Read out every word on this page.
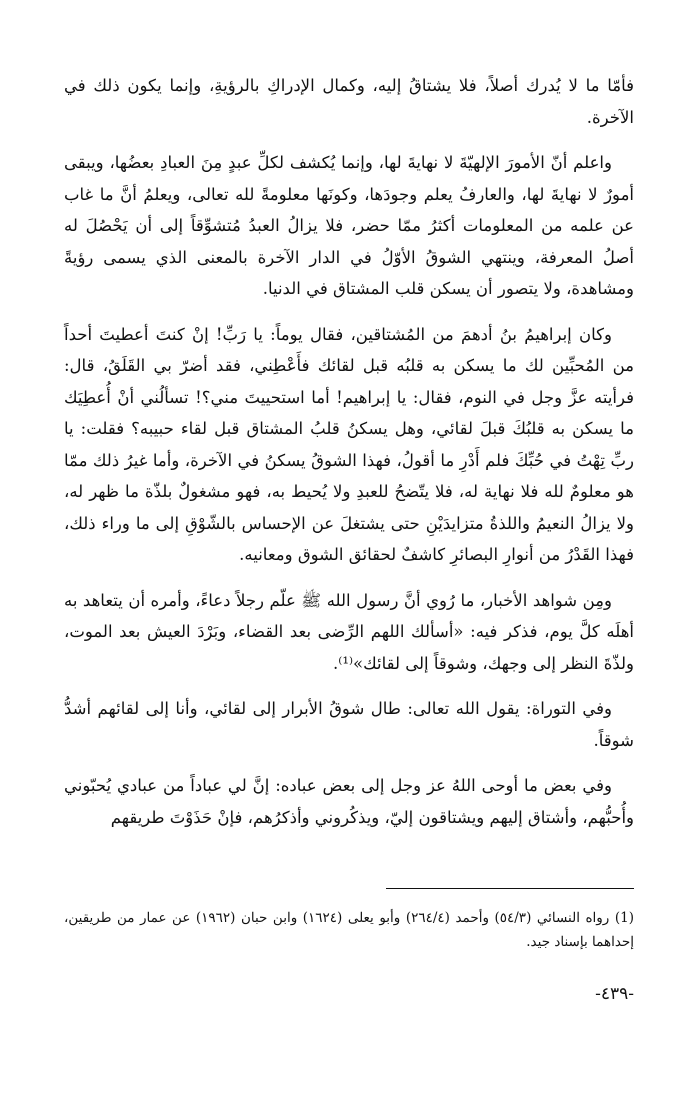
فأمّا ما لا يُدرك أصلاً، فلا يشتاقُ إليه، وكمال الإدراكِ بالرؤيةِ، وإنما يكون ذلك في الآخرة.

واعلم أنّ الأمورَ الإلهيّةَ لا نهايةَ لها، وإنما يُكشف لكلِّ عبدٍ مِنَ العبادِ بعضُها، ويبقى أمورٌ لا نهايةَ لها، والعارفُ يعلم وجودَها، وكونَها معلومةً لله تعالى، ويعلمُ أنَّ ما غاب عن علمه من المعلومات أكثرُ ممّا حضر، فلا يزالُ العبدُ مُتشوِّقاً إلى أن يَحْصُلَ له أصلُ المعرفة، وينتهي الشوقُ الأوّلُ في الدار الآخرة بالمعنى الذي يسمى رؤيةً ومشاهدة، ولا يتصور أن يسكن قلب المشتاق في الدنيا.

وكان إبراهيمُ بنُ أدهمَ من المُشتاقين، فقال يوماً: يا رَبِّ! إنْ كنتَ أعطيتَ أحداً من المُحبِّين لك ما يسكن به قلبُه قبل لقائك فأَعْطِني، فقد أضرّ بي القَلَقُ، قال: فرأيته عزَّ وجل في النوم، فقال: يا إبراهيم! أما استحييتَ مني؟! تسألُني أنْ أُعطِيَك ما يسكن به قلبُكَ قبلَ لقائي، وهل يسكنُ قلبُ المشتاق قبل لقاء حبيبه؟ فقلت: يا ربِّ تِهْتُ في حُبِّكَ فلم أَدْرِ ما أقولُ، فهذا الشوقُ يسكنُ في الآخرة، وأما غيرُ ذلك ممّا هو معلومٌ لله فلا نهاية له، فلا يتّضحُ للعبدِ ولا يُحيط به، فهو مشغولٌ بلذّة ما ظهر له، ولا يزالُ النعيمُ واللذةُ متزايدَيْنِ حتى يشتغلَ عن الإحساس بالشّوْقِ إلى ما وراء ذلك، فهذا القَدْرُ من أنوارِ البصائرِ كاشفٌ لحقائق الشوق ومعانيه.

ومِن شواهد الأخبار، ما رُوي أنَّ رسول الله ﷺ علّم رجلاً دعاءً، وأمره أن يتعاهد به أهلَه كلَّ يوم، فذكر فيه: «أسألك اللهم الرِّضى بعد القضاء، وبَرْدَ العيش بعد الموت، ولذّةَ النظر إلى وجهك، وشوقاً إلى لقائك»⁽¹⁾.

وفي التوراة: يقول الله تعالى: طال شوقُ الأبرار إلى لقائي، وأنا إلى لقائهم أشدُّ شوقاً.

وفي بعض ما أوحى اللهُ عز وجل إلى بعض عباده: إنَّ لي عباداً من عبادي يُحبّوني وأُحبُّهم، وأشتاق إليهم ويشتاقون إليّ، ويذكُروني وأذكرُهم، فإنْ حَذَوْتَ طريقهم

(1) رواه النسائي (٥٤/٣) وأحمد (٢٦٤/٤) وأبو يعلى (١٦٢٤) وابن حبان (١٩٦٢) عن عمار من طريقين، إحداهما بإسناد جيد.
-٤٣٩-
